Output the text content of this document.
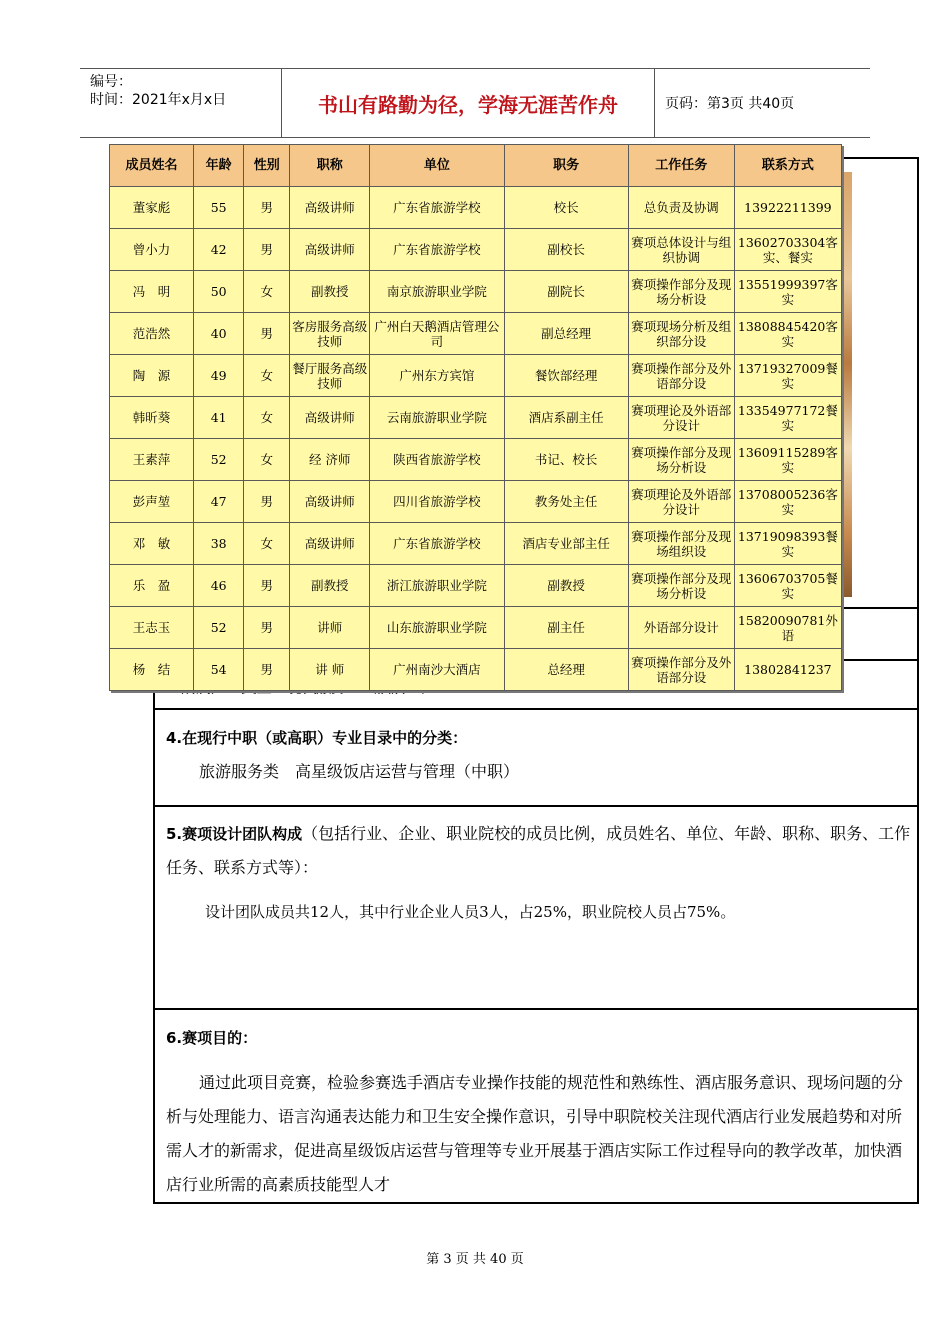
编号：
时间：2021年x月x日	书山有路勤为径，学海无涯苦作舟	页码：第3页 共40页
4.在现行中职（或高职）专业目录中的分类：
旅游服务类　高星级饭店运营与管理（中职）
5.赛项设计团队构成（包括行业、企业、职业院校的成员比例，成员姓名、单位、年龄、职称、职务、工作任务、联系方式等）：
设计团队成员共12人，其中行业企业人员3人，占25%，职业院校人员占75%。
6.赛项目的：
通过此项目竞赛，检验参赛选手酒店专业操作技能的规范性和熟练性、酒店服务意识、现场问题的分析与处理能力、语言沟通表达能力和卫生安全操作意识，引导中职院校关注现代酒店行业发展趋势和对所需人才的新需求，促进高星级饭店运营与管理等专业开展基于酒店实际工作过程导向的教学改革，加快酒店行业所需的高素质技能型人才
成员姓名	年龄	性别	职称	单位	职务	工作任务	联系方式
董家彪	55	男	高级讲师	广东省旅游学校	校长	总负责及协调	13922211399
曾小力	42	男	高级讲师	广东省旅游学校	副校长	赛项总体设计与组织协调	13602703304客实、餐实
冯　明	50	女	副教授	南京旅游职业学院	副院长	赛项操作部分及现场分析设	13551999397客实
范浩然	40	男	客房服务高级技师	广州白天鹅酒店管理公司	副总经理	赛项现场分析及组织部分设	13808845420客实
陶　源	49	女	餐厅服务高级技师	广州东方宾馆	餐饮部经理	赛项操作部分及外语部分设	13719327009餐实
韩昕葵	41	女	高级讲师	云南旅游职业学院	酒店系副主任	赛项理论及外语部分设计	13354977172餐实
王素萍	52	女	经 济师	陕西省旅游学校	书记、校长	赛项操作部分及现场分析设	13609115289客实
彭声堃	47	男	高级讲师	四川省旅游学校	教务处主任	赛项理论及外语部分设计	13708005236客实
邓　敏	38	女	高级讲师	广东省旅游学校	酒店专业部主任	赛项操作部分及现场组织设	13719098393餐实
乐　盈	46	男	副教授	浙江旅游职业学院	副教授	赛项操作部分及现场分析设	13606703705餐实
王志玉	52	男	讲师	山东旅游职业学院	副主任	外语部分设计	15820090781外语
杨　结	54	男	讲 师	广州南沙大酒店	总经理	赛项操作部分及外语部分设	13802841237
第 3 页 共 40 页
